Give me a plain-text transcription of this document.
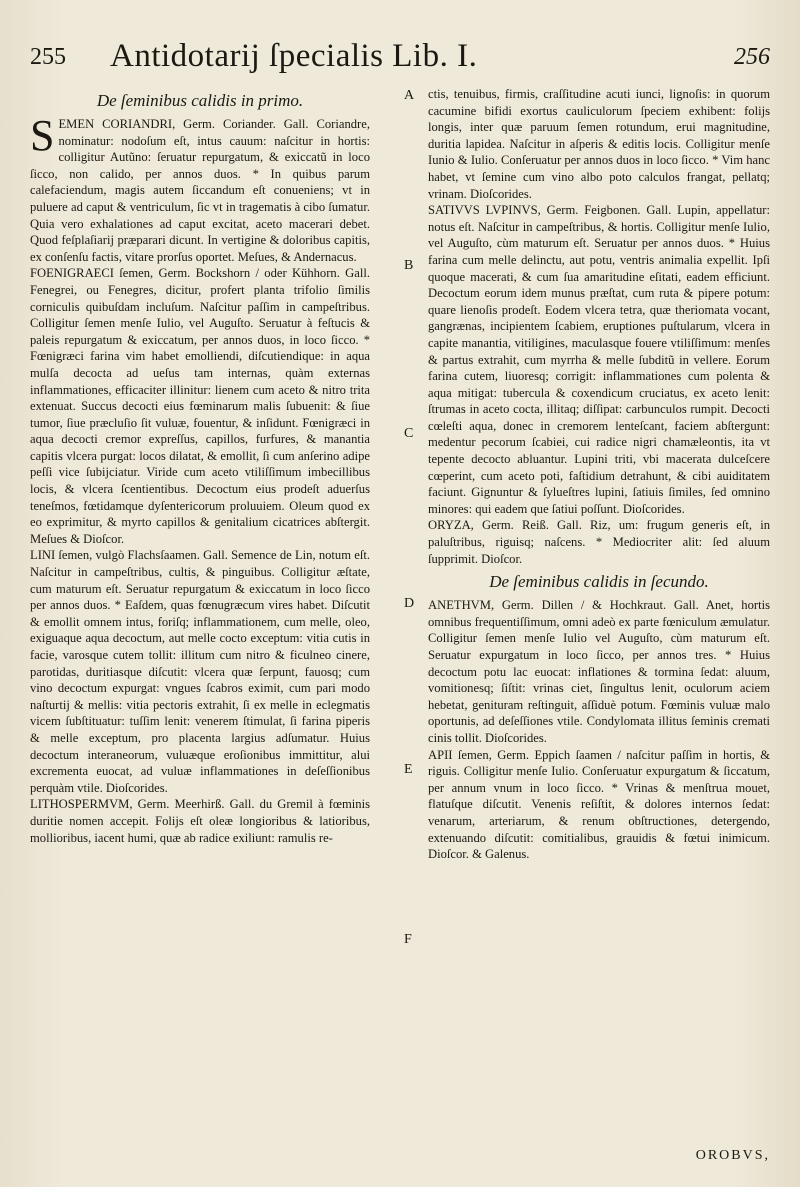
255 Antidotarij ſpecialis Lib. I.	256
A
B
C
D
E
F
De ſeminibus calidis in primo.
S EMEN CORIANDRI, Germ. Coriander. Gall. Coriandre, nominatur: nodoſum eſt, intus cauum: naſcitur in hortis: colligitur Autũno: ſeruatur repurgatum, & exiccatũ in loco ſicco, non calido, per annos duos. * In quibus parum calefaciendum, magis autem ſiccandum eſt conueniens; vt in puluere ad caput & ventriculum, ſic vt in tragematis à cibo ſumatur. Quia vero exhalationes ad caput excitat, aceto macerari debet. Quod feſplaſiarij præparari dicunt. In vertigine & doloribus capitis, ex conſenſu factis, vitare prorſus oportet. Meſues, & Andernacus.

FOENIGRAECI ſemen, Germ. Bockshorn / oder Kühhorn. Gall. Fenegrei, ou Fenegres, dicitur, profert planta trifolio ſimilis corniculis quibuſdam incluſum. Naſcitur paſſim in campeſtribus. Colligitur ſemen menſe Iulio, vel Auguſto. Seruatur à feſtucis & paleis repurgatum & exiccatum, per annos duos, in loco ſicco. * Fœnigræci farina vim habet emolliendi, diſcutiendique: in aqua mulſa decocta ad ueſus tam internas, quàm externas inflammationes, efficaciter illinitur: lienem cum aceto & nitro trita extenuat. Succus decocti eius fœminarum malis ſubuenit: & ſiue tumor, ſiue præcluſio ſit vuluæ, fouentur, & inſidunt. Fœnigræci in aqua decocti cremor expreſſus, capillos, furfures, & manantia capitis vlcera purgat: locos dilatat, & emollit, ſi cum anſerino adipe peſſi vice ſubijciatur. Viride cum aceto vtiliſſimum imbecillibus locis, & vlcera ſcentientibus. Decoctum eius prodeſt aduerſus teneſmos, fœtidamque dyſentericorum proluuiem. Oleum quod ex eo exprimitur, & myrto capillos & genitalium cicatrices abſtergit. Meſues & Dioſcor.

LINI ſemen, vulgò Flachsſaamen. Gall. Semence de Lin, notum eſt. Naſcitur in campeſtribus, cultis, & pinguibus. Colligitur æſtate, cum maturum eſt. Seruatur repurgatum & exiccatum in loco ſicco per annos duos. * Eaſdem, quas fœnugræcum vires habet. Diſcutit & emollit omnem intus, foriſq; inflammationem, cum melle, oleo, exiguaque aqua decoctum, aut melle cocto exceptum: vitia cutis in facie, varosque cutem tollit: illitum cum nitro & ficulneo cinere, parotidas, duritiasque diſcutit: vlcera quæ ſerpunt, fauosq; cum vino decoctum expurgat: vngues ſcabros eximit, cum pari modo naſturtij & mellis: vitia pectoris extrahit, ſi ex melle in eclegmatis vicem ſubſtituatur: tuſſim lenit: venerem ſtimulat, ſi farina piperis & melle exceptum, pro placenta largius adſumatur. Huius decoctum interaneorum, vuluæque eroſionibus immittitur, alui excrementa euocat, ad vuluæ inflammationes in deſeſſionibus perquàm vtile. Dioſcorides.

LITHOSPERMVM, Germ. Meerhirß. Gall. du Gremil à fœminis duritie nomen accepit. Folijs eſt oleæ longioribus & latioribus, mollioribus, iacent humi, quæ ab radice exiliunt: ramulis re-

ctis, tenuibus, firmis, craſſitudine acuti iunci, lignoſis: in quorum cacumine bifidi exortus cauliculorum ſpeciem exhibent: folijs longis, inter quæ paruum ſemen rotundum, erui magnitudine, duritia lapidea. Naſcitur in aſperis & editis locis. Colligitur menſe Iunio & Iulio. Conſeruatur per annos duos in loco ſicco. * Vim hanc habet, vt ſemine cum vino albo poto calculos frangat, pellatq; vrinam. Dioſcorides.

SATIVVS LVPINVS, Germ. Feigbonen. Gall. Lupin, appellatur: notus eſt. Naſcitur in campeſtribus, & hortis. Colligitur menſe Iulio, vel Auguſto, cùm maturum eſt. Seruatur per annos duos. * Huius farina cum melle delinctu, aut potu, ventris animalia expellit. Ipſi quoque macerati, & cum ſua amaritudine eſitati, eadem efficiunt. Decoctum eorum idem munus præſtat, cum ruta & pipere potum: quare lienoſis prodeſt. Eodem vlcera tetra, quæ theriomata vocant, gangrænas, incipientem ſcabiem, eruptiones puſtularum, vlcera in capite manantia, vitiligines, maculasque fouere vtiliſſimum: menſes & partus extrahit, cum myrrha & melle ſubditũ in vellere. Eorum farina cutem, liuoresq; corrigit: inflammationes cum polenta & aqua mitigat: tubercula & coxendicum cruciatus, ex aceto lenit: ſtrumas in aceto cocta, illitaq; diſſipat: carbunculos rumpit. Decocti cœleſti aqua, donec in cremorem lenteſcant, faciem abſtergunt: medentur pecorum ſcabiei, cui radice nigri chamæleontis, ita vt tepente decocto abluantur. Lupini triti, vbi macerata dulceſcere cœperint, cum aceto poti, faſtidium detrahunt, & cibi auiditatem faciunt. Gignuntur & ſylueſtres lupini, ſatiuis ſimiles, ſed omnino minores: qui eadem que ſatiui poſſunt. Dioſcorides.

ORYZA, Germ. Reiß. Gall. Riz, um: frugum generis eſt, in paluſtribus, riguisq; naſcens. * Mediocriter alit: ſed aluum ſupprimit. Dioſcor.

De ſeminibus calidis in ſecundo.

ANETHVM, Germ. Dillen / & Hochkraut. Gall. Anet, hortis omnibus frequentiſſimum, omni adeò ex parte fœniculum æmulatur. Colligitur ſemen menſe Iulio vel Auguſto, cùm maturum eſt. Seruatur expurgatum in loco ſicco, per annos tres. * Huius decoctum potu lac euocat: inflationes & tormina ſedat: aluum, vomitionesq; ſiſtit: vrinas ciet, ſingultus lenit, oculorum aciem hebetat, genituram reſtinguit, aſſiduè potum. Fœminis vuluæ malo oportunis, ad deſeſſiones vtile. Condylomata illitus ſeminis cremati cinis tollit. Dioſcorides.

APII ſemen, Germ. Eppich ſaamen / naſcitur paſſim in hortis, & riguis. Colligitur menſe Iulio. Conſeruatur expurgatum & ſiccatum, per annum vnum in loco ſicco. * Vrinas & menſtrua mouet, flatuſque diſcutit. Venenis reſiſtit, & dolores internos ſedat: venarum, arteriarum, & renum obſtructiones, detergendo, extenuando diſcutit: comitialibus, grauidis & fœtui inimicum. Dioſcor. & Galenus.

OROBVS,
